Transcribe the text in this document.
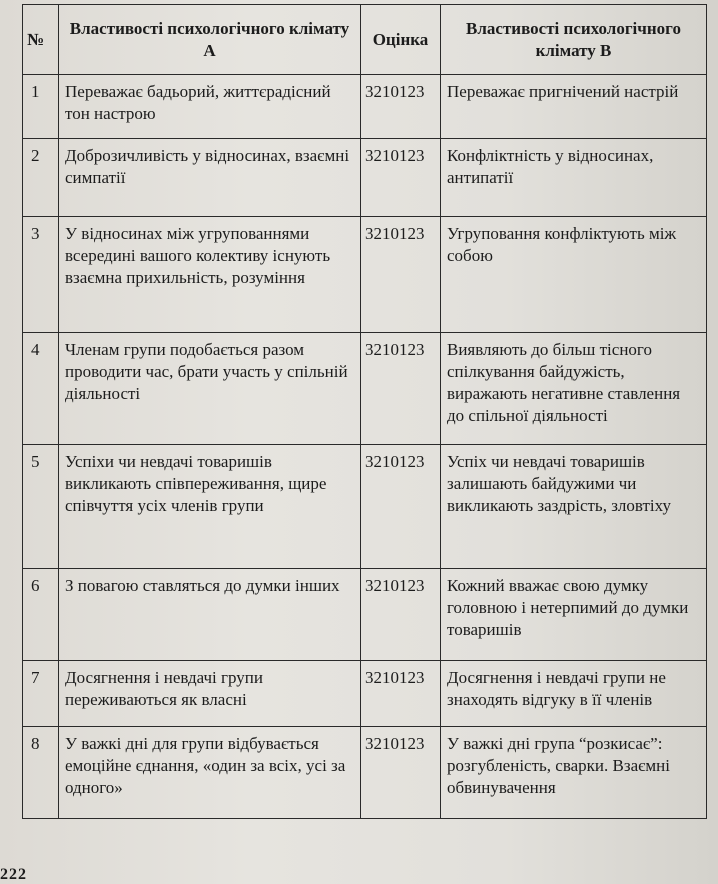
№	Властивості психологічного клімату А	Оцінка	Властивості психологічного клімату В
1	Переважає бадьорий, життєрадісний тон настрою	3210123	Переважає пригнічений настрій
2	Доброзичливість у відносинах, взаємні симпатії	3210123	Конфліктність у відносинах, антипатії
3	У відносинах між угрупованнями всередині вашого колективу існують взаємна прихильність, розуміння	3210123	Угруповання конфліктують між собою
4	Членам групи подобається разом проводити час, брати участь у спільній діяльності	3210123	Виявляють до більш тісного спілкування байдужість, виражають негативне ставлення до спільної діяльності
5	Успіхи чи невдачі товаришів викликають співпереживання, щире співчуття усіх членів групи	3210123	Успіх чи невдачі товаришів залишають байдужими чи викликають заздрість, зловтіху
6	З повагою ставляться до думки інших	3210123	Кожний вважає свою думку головною і нетерпимий до думки товаришів
7	Досягнення і невдачі групи переживаються як власні	3210123	Досягнення і невдачі групи не знаходять відгуку в її членів
8	У важкі дні для групи відбувається емоційне єднання, «один за всіх, усі за одного»	3210123	У важкі дні група “розкисає”: розгубленість, сварки. Взаємні обвинувачення
222
